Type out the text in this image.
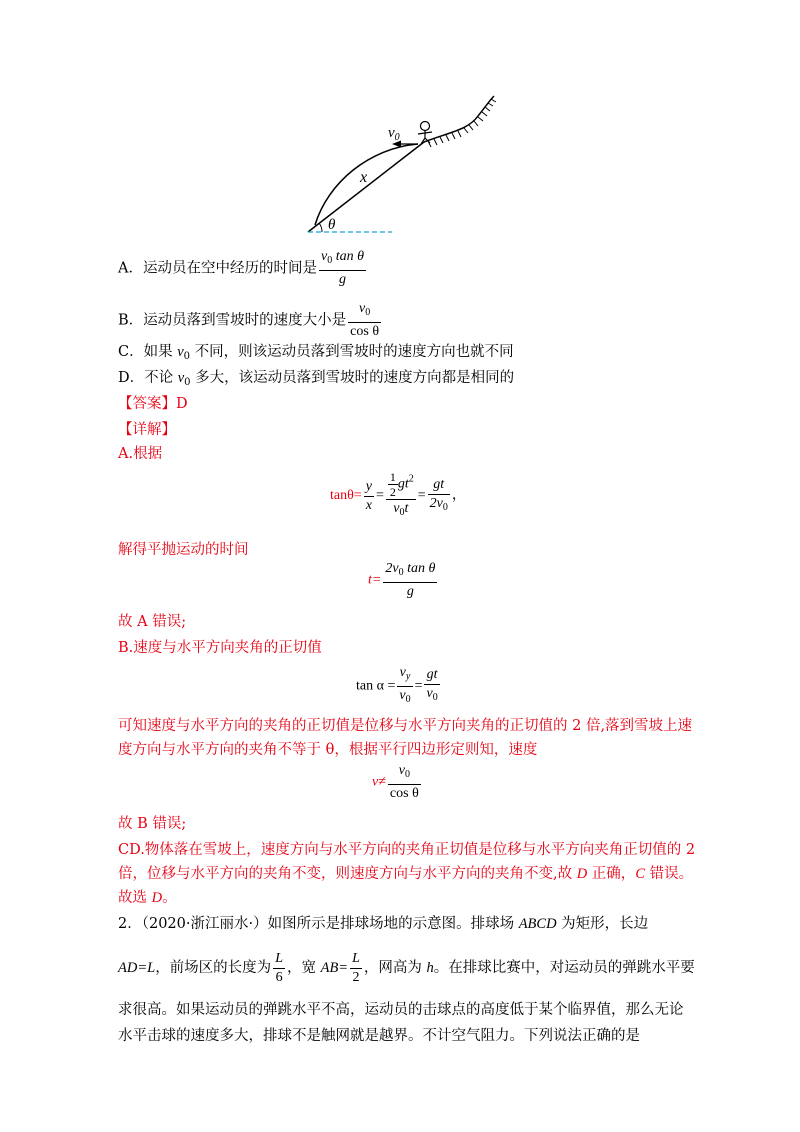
$v_0$
x
θ
A．运动员在空中经历的时间是 $\frac{v_0 \tan \theta}{g}$
B．运动员落到雪坡时的速度大小是 $\frac{v_0}{\text{cos θ}}$
C．如果 $v_0$ 不同，则该运动员落到雪坡时的速度方向也就不同
D．不论 $v_0$ 多大，该运动员落到雪坡时的速度方向都是相同的
【答案】D
【详解】
A.根据
$\tan\theta= \frac{y}{x} = \frac{\frac{1}{2} gt^2}{v_0t} = \frac{gt}{2v_0}$ ，
解得平抛运动的时间
$t= \frac{2v_0 \tan \theta}{g}$
故 A 错误;
B.速度与水平方向夹角的正切值
$\tan \alpha = \frac{v_y}{v_0} = \frac{gt}{v_0}$
可知速度与水平方向的夹角的正切值是位移与水平方向夹角的正切值的 2 倍,落到雪坡上速
度方向与水平方向的夹角不等于 θ，根据平行四边形定则知，速度
$v\ne \frac{v_0}{\text{cos θ}}$
故 B 错误;
CD.物体落在雪坡上，速度方向与水平方向的夹角正切值是位移与水平方向夹角正切值的 2
倍，位移与水平方向的夹角不变，则速度方向与水平方向的夹角不变,故 D 正确，C 错误。
故选 D。
2．（2020·浙江丽水·）如图所示是排球场地的示意图。排球场 ABCD 为矩形，长边
AD=L，前场区的长度为 $\frac{L}{6}$ ，宽 $AB= \frac{L}{2}$ ，网高为 h。在排球比赛中，对运动员的弹跳水平要
求很高。如果运动员的弹跳水平不高，运动员的击球点的高度低于某个临界值，那么无论
水平击球的速度多大，排球不是触网就是越界。不计空气阻力。下列说法正确的是
